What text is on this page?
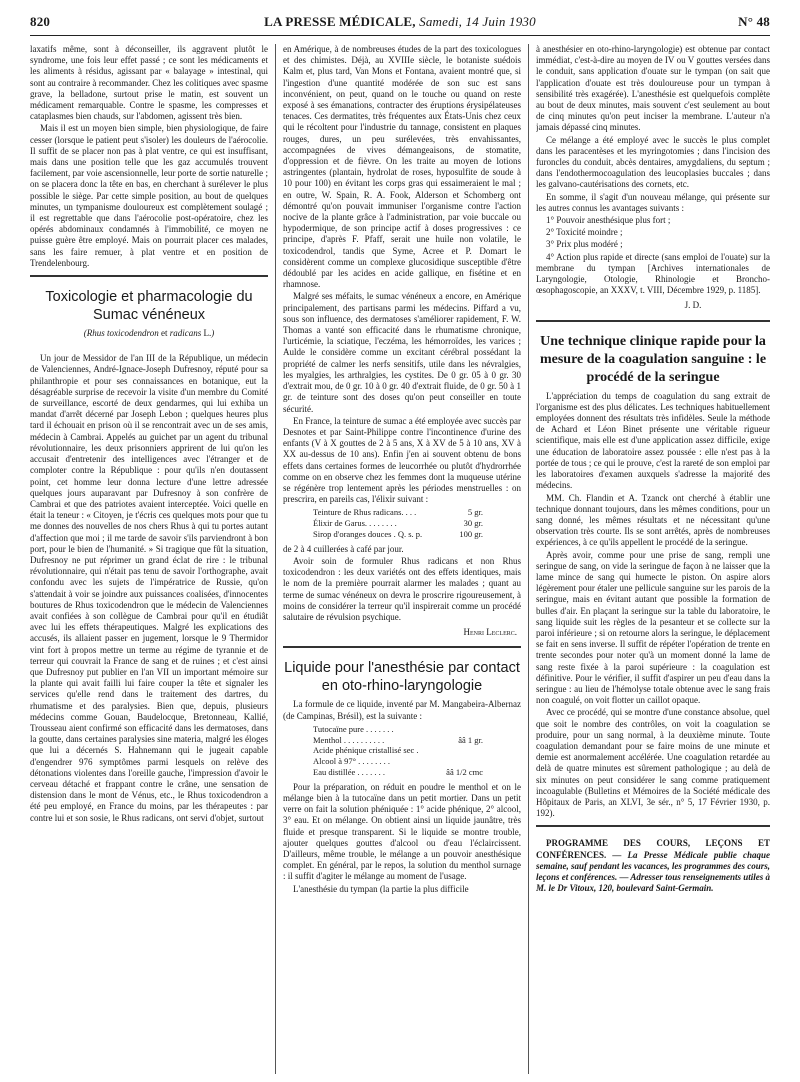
820	LA PRESSE MÉDICALE, Samedi, 14 Juin 1930	N° 48

laxatifs même, sont à déconseiller, ils aggravent plutôt le syndrome, une fois leur effet passé ; ce sont les médicaments et les aliments à résidus, agissant par « balayage » intestinal, qui sont au contraire à recommander. Chez les colitiques avec spasme grave, la belladone, surtout prise le matin, est souvent un médicament remarquable. Contre le spasme, les compresses et cataplasmes bien chauds, sur l'abdomen, agissent très bien.

Mais il est un moyen bien simple, bien physiologique, de faire cesser (lorsque le patient peut s'isoler) les douleurs de l'aérocolie. Il suffit de se placer non pas à plat ventre, ce qui est insuffisant, mais dans une position telle que les gaz accumulés trouvent facilement, par voie ascensionnelle, leur porte de sortie naturelle ; on se placera donc la tête en bas, en cherchant à surélever le plus possible le siège. Par cette simple position, au bout de quelques minutes, un tympanisme douloureux est complètement soulagé ; il est regrettable que dans l'aérocolie post-opératoire, chez les opérés abdominaux condamnés à l'immobilité, ce moyen ne puisse guère être employé. Mais on pourrait placer ces malades, sans les faire remuer, à plat ventre et en position de Trendelenbourg.

Toxicologie et pharmacologie du Sumac vénéneux
(Rhus toxicodendron et radicans L.)

Un jour de Messidor de l'an III de la République, un médecin de Valenciennes, André-Ignace-Joseph Dufresnoy, réputé pour sa philanthropie et pour ses connaissances en botanique, eut la désagréable surprise de recevoir la visite d'un membre du Comité de surveillance, escorté de deux gendarmes, qui lui exhiba un mandat d'arrêt décerné par Joseph Lebon ; quelques heures plus tard il échouait en prison où il se rencontrait avec un de ses amis, médecin à Cambrai. Appelés au guichet par un agent du tribunal révolutionnaire, les deux prisonniers apprirent de lui qu'on les accusait d'entretenir des intelligences avec l'étranger et de comploter contre la République : pour qu'ils n'en doutassent point, cet homme leur donna lecture d'une lettre adressée quelques jours auparavant par Dufresnoy à son confrère de Cambrai et que des patriotes avaient interceptée. Voici quelle en était la teneur : « Citoyen, je t'écris ces quelques mots pour que tu me donnes des nouvelles de nos chers Rhus à qui tu portes autant d'affection que moi ; il me tarde de savoir s'ils parviendront à bon port, pour le bien de l'humanité. » Si tragique que fût la situation, Dufresnoy ne put réprimer un grand éclat de rire : le tribunal révolutionnaire, qui n'était pas tenu de savoir l'orthographe, avait confondu avec les sujets de l'impératrice de Russie, qu'on s'attendait à voir se joindre aux puissances coalisées, d'innocentes boutures de Rhus toxicodendron que le médecin de Valenciennes avait confiées à son collègue de Cambrai pour qu'il en étudiât avec lui les effets thérapeutiques. Malgré les explications des accusés, ils allaient passer en jugement, lorsque le 9 Thermidor vint fort à propos mettre un terme au régime de tyrannie et de terreur qui couvrait la France de sang et de ruines ; et c'est ainsi que Dufresnoy put publier en l'an VII un important mémoire sur la plante qui avait failli lui faire couper la tête et signaler les services qu'elle rend dans le traitement des dartres, du rhumatisme et des paralysies. Bien que, depuis, plusieurs médecins comme Gouan, Baudelocque, Bretonneau, Kallié, Trousseau aient confirmé son efficacité dans les dermatoses, dans la goutte, dans certaines paralysies sine materia, malgré les éloges que lui a décernés S. Hahnemann qui le jugeait capable d'engendrer 976 symptômes parmi lesquels on relève des détonations violentes dans l'oreille gauche, l'impression d'avoir le cerveau détaché et frappant contre le crâne, une sensation de distension dans le mont de Vénus, etc., le Rhus toxicodendron a été peu employé, en France du moins, par les thérapeutes : par contre lui et son sosie, le Rhus radicans, ont servi d'objet, surtout

en Amérique, à de nombreuses études de la part des toxicologues et des chimistes. Déjà, au XVIIIe siècle, le botaniste suédois Kalm et, plus tard, Van Mons et Fontana, avaient montré que, si l'ingestion d'une quantité modérée de son suc est sans inconvénient, on peut, quand on le touche ou quand on reste exposé à ses émanations, contracter des éruptions érysipélateuses tenaces. Ces dermatites, très fréquentes aux États-Unis chez ceux qui le récoltent pour l'industrie du tannage, consistent en plaques rouges, dures, un peu surélevées, très envahissantes, accompagnées de vives démangeaisons, de stomatite, d'oppression et de fièvre. On les traite au moyen de lotions astringentes (plantain, hydrolat de roses, hyposulfite de soude à 10 pour 100) en évitant les corps gras qui essaimeraient le mal ; en outre, W. Spain, R. A. Fook, Alderson et Schomberg ont démontré qu'on pouvait immuniser l'organisme contre l'action nocive de la plante grâce à l'administration, par voie buccale ou hypodermique, de son principe actif à doses progressives : ce principe, d'après F. Pfaff, serait une huile non volatile, le toxicodendrol, tandis que Syme, Acree et P. Domart le considèrent comme un complexe glucosidique susceptible d'être dédoublé par les acides en acide gallique, en fisétine et en rhamnose.

Malgré ses méfaits, le sumac vénéneux a encore, en Amérique principalement, des partisans parmi les médecins. Piffard a vu, sous son influence, des dermatoses s'améliorer rapidement, F. W. Thomas a vanté son efficacité dans le rhumatisme chronique, l'urticémie, la sciatique, l'eczéma, les hémorroïdes, les varices ; Aulde le considère comme un excitant cérébral possédant la propriété de calmer les nerfs sensitifs, utile dans les névralgies, les myalgies, les arthralgies, les cystites. De 0 gr. 05 à 0 gr. 30 d'extrait mou, de 0 gr. 10 à 0 gr. 40 d'extrait fluide, de 0 gr. 50 à 1 gr. de teinture sont des doses qu'on peut conseiller en toute sécurité.

En France, la teinture de sumac a été employée avec succès par Desnotes et par Saint-Philippe contre l'incontinence d'urine des enfants (V à X gouttes de 2 à 5 ans, X à XV de 5 à 10 ans, XV à XX au-dessus de 10 ans). Enfin j'en ai souvent obtenu de bons effets dans certaines formes de leucorrhée ou plutôt d'hydrorrhée comme on en observe chez les femmes dont la muqueuse utérine se régénère trop lentement après les périodes menstruelles : on prescrira, en pareils cas, l'élixir suivant :

Teinture de Rhus radicans. . . .	5 gr.
Élixir de Garus. . . . . . . .	30 gr.
Sirop d'oranges douces . Q. s. p.	100 gr.

de 2 à 4 cuillerées à café par jour.

Avoir soin de formuler Rhus radicans et non Rhus toxicodendron : les deux variétés ont des effets identiques, mais le nom de la première pourrait alarmer les malades ; quant au terme de sumac vénéneux on devra le proscrire rigoureusement, à moins de considérer la terreur qu'il inspirerait comme un procédé salutaire de révulsion psychique.

Henri Leclerc.
Liquide pour l'anesthésie par contact en oto-rhino-laryngologie

La formule de ce liquide, inventé par M. Mangabeira-Albernaz (de Campinas, Brésil), est la suivante :

Tutocaïne pure . . . . . . .
Menthol . . . . . . . . . .	ââ 1 gr.
Acide phénique cristallisé sec .
Alcool à 97° . . . . . . . .
Eau distillée . . . . . . .	ââ 1/2 cmc

Pour la préparation, on réduit en poudre le menthol et on le mélange bien à la tutocaïne dans un petit mortier. Dans un petit verre on fait la solution phéniquée : 1° acide phénique, 2° alcool, 3° eau. Et on mélange. On obtient ainsi un liquide jaunâtre, très fluide et presque transparent. Si le liquide se montre trouble, ajouter quelques gouttes d'alcool ou d'eau l'éclaircissent. D'ailleurs, même trouble, le mélange a un pouvoir anesthésique complet. En général, par le repos, la solution du menthol surnage : il suffit d'agiter le mélange au moment de l'usage.

L'anesthésie du tympan (la partie la plus difficile

à anesthésier en oto-rhino-laryngologie) est obtenue par contact immédiat, c'est-à-dire au moyen de IV ou V gouttes versées dans le conduit, sans application d'ouate sur le tympan (on sait que l'application d'ouate est très douloureuse pour un tympan à sensibilité très exagérée). L'anesthésie est quelquefois complète au bout de deux minutes, mais souvent c'est seulement au bout de cinq minutes qu'on peut inciser la membrane. L'auteur n'a jamais dépassé cinq minutes.

Ce mélange a été employé avec le succès le plus complet dans les paracentèses et les myringotomies ; dans l'incision des furoncles du conduit, abcès dentaires, amygdaliens, du septum ; dans l'endothermocoagulation des leucoplasies buccales ; dans les galvano-cautérisations des cornets, etc.

En somme, il s'agit d'un nouveau mélange, qui présente sur les autres connus les avantages suivants :

1° Pouvoir anesthésique plus fort ;

2° Toxicité moindre ;

3° Prix plus modéré ;

4° Action plus rapide et directe (sans emploi de l'ouate) sur la membrane du tympan [Archives internationales de Laryngologie, Otologie, Rhinologie et Broncho-œsophagoscopie, an XXXV, t. VIII, Décembre 1929, p. 1185].

J. D.
Une technique clinique rapide pour la mesure de la coagulation sanguine : le procédé de la seringue

L'appréciation du temps de coagulation du sang extrait de l'organisme est des plus délicates. Les techniques habituellement employées donnent des résultats très infidèles. Seule la méthode de Achard et Léon Binet présente une véritable rigueur scientifique, mais elle est d'une application assez difficile, exige une éducation de laboratoire assez poussée : elle n'est pas à la portée de tous ; ce qui le prouve, c'est la rareté de son emploi par les laboratoires d'examen auxquels s'adresse la majorité des médecins.

MM. Ch. Flandin et A. Tzanck ont cherché à établir une technique donnant toujours, dans les mêmes conditions, pour un sang donné, les mêmes résultats et ne nécessitant qu'une observation très courte. Ils se sont arrêtés, après de nombreuses expériences, à ce qu'ils appellent le procédé de la seringue.

Après avoir, comme pour une prise de sang, rempli une seringue de sang, on vide la seringue de façon à ne laisser que la lame mince de sang qui humecte le piston. On aspire alors légèrement pour étaler une pellicule sanguine sur les parois de la seringue, mais en évitant autant que possible la formation de bulles d'air. En plaçant la seringue sur la table du laboratoire, le sang liquide suit les règles de la pesanteur et se collecte sur la paroi inférieure ; si on retourne alors la seringue, le déplacement se fait en sens inverse. Il suffit de répéter l'opération de trente en trente secondes pour noter qu'à un moment donné la lame de sang reste fixée à la paroi supérieure : la coagulation est définitive. Pour le vérifier, il suffit d'aspirer un peu d'eau dans la seringue : au lieu de l'hémolyse totale obtenue avec le sang frais non coagulé, on voit flotter un caillot opaque.

Avec ce procédé, qui se montre d'une constance absolue, quel que soit le nombre des contrôles, on voit la coagulation se produire, pour un sang normal, à la deuxième minute. Toute coagulation demandant pour se faire moins de une minute et demie est anormalement accélérée. Une coagulation retardée au delà de quatre minutes est sûrement pathologique ; au delà de six minutes on peut considérer le sang comme pratiquement incoagulable (Bulletins et Mémoires de la Société médicale des Hôpitaux de Paris, an XLVI, 3e sér., n° 5, 17 Février 1930, p. 192).

PROGRAMME DES COURS, LEÇONS ET CONFÉRENCES. — La Presse Médicale publie chaque semaine, sauf pendant les vacances, les programmes des cours, leçons et conférences. — Adresser tous renseignements utiles à M. le Dr Vitoux, 120, boulevard Saint-Germain.
